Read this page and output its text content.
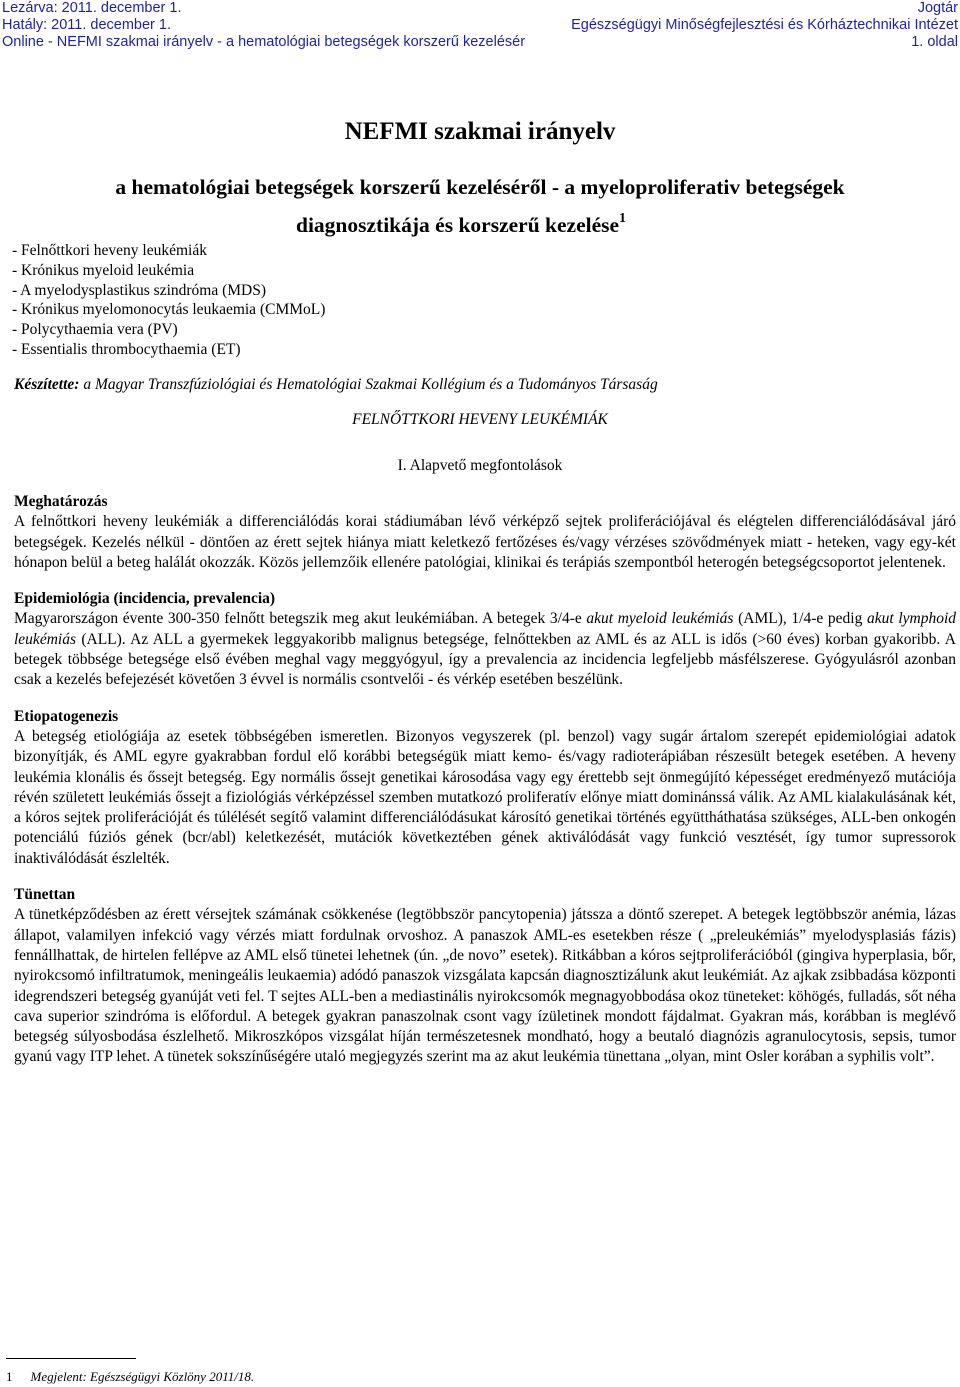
Lezárva: 2011. december 1.
Hatály: 2011. december 1.
Online - NEFMI szakmai irányelv - a hematológiai betegségek korszerű kezelésér
Jogtár
Egészségügyi Minőségfejlesztési és Kórháztechnikai Intézet
1. oldal
NEFMI szakmai irányelv
a hematológiai betegségek korszerű kezeléséről - a myeloproliferativ betegségek
diagnosztikája és korszerű kezelése$^1$
- Felnőttkori heveny leukémiák
- Krónikus myeloid leukémia
- A myelodysplastikus szindróma (MDS)
- Krónikus myelomonocytás leukaemia (CMMoL)
- Polycythaemia vera (PV)
- Essentialis thrombocythaemia (ET)
Készítette: a Magyar Transzfúziológiai és Hematológiai Szakmai Kollégium és a Tudományos Társaság
FELNŐTTKORI HEVENY LEUKÉMIÁK
I. Alapvető megfontolások
Meghatározás

A felnőttkori heveny leukémiák a differenciálódás korai stádiumában lévő vérképző sejtek proliferációjával és elégtelen differenciálódásával járó betegségek. Kezelés nélkül - döntően az érett sejtek hiánya miatt keletkező fertőzéses és/vagy vérzéses szövődmények miatt - heteken, vagy egy-két hónapon belül a beteg halálát okozzák. Közös jellemzőik ellenére patológiai, klinikai és terápiás szempontból heterogén betegségcsoportot jelentenek.

Epidemiológia (incidencia, prevalencia)

Magyarországon évente 300-350 felnőtt betegszik meg akut leukémiában. A betegek 3/4-e akut myeloid leukémiás (AML), 1/4-e pedig akut lymphoid leukémiás (ALL). Az ALL a gyermekek leggyakoribb malignus betegsége, felnőttekben az AML és az ALL is idős (>60 éves) korban gyakoribb. A betegek többsége betegsége első évében meghal vagy meggyógyul, így a prevalencia az incidencia legfeljebb másfélszerese. Gyógyulásról azonban csak a kezelés befejezését követően 3 évvel is normális csontvelői - és vérkép esetében beszélünk.

Etiopatogenezis

A betegség etiológiája az esetek többségében ismeretlen. Bizonyos vegyszerek (pl. benzol) vagy sugár ártalom szerepét epidemiológiai adatok bizonyítják, és AML egyre gyakrabban fordul elő korábbi betegségük miatt kemo- és/vagy radioterápiában részesült betegek esetében. A heveny leukémia klonális és őssejt betegség. Egy normális őssejt genetikai károsodása vagy egy érettebb sejt önmegújító képességet eredményező mutációja révén született leukémiás őssejt a fiziológiás vérképzéssel szemben mutatkozó proliferatív előnye miatt dominánssá válik. Az AML kialakulásának két, a kóros sejtek proliferációját és túlélését segítő valamint differenciálódásukat károsító genetikai történés együttháthatása szükséges, ALL-ben onkogén potenciálú fúziós gének (bcr/abl) keletkezését, mutációk következtében gének aktiválódását vagy funkció vesztését, így tumor supressorok inaktiválódását észlelték.

Tünettan

A tünetképződésben az érett vérsejtek számának csökkenése (legtöbbször pancytopenia) játssza a döntő szerepet. A betegek legtöbbször anémia, lázas állapot, valamilyen infekció vagy vérzés miatt fordulnak orvoshoz. A panaszok AML-es esetekben része ( „preleukémiás” myelodysplasiás fázis) fennállhattak, de hirtelen fellépve az AML első tünetei lehetnek (ún. „de novo” esetek). Ritkábban a kóros sejtproliferációból (gingiva hyperplasia, bőr, nyirokcsomó infiltratumok, meningeális leukaemia) adódó panaszok vizsgálata kapcsán diagnosztizálunk akut leukémiát. Az ajkak zsibbadása központi idegrendszeri betegség gyanúját veti fel. T sejtes ALL-ben a mediastinális nyirokcsomók megnagyobbodása okoz tüneteket: köhögés, fulladás, sőt néha cava superior szindróma is előfordul. A betegek gyakran panaszolnak csont vagy ízületinek mondott fájdalmat. Gyakran más, korábban is meglévő betegség súlyosbodása észlelhető. Mikroszkópos vizsgálat híján természetesnek mondható, hogy a beutaló diagnózis agranulocytosis, sepsis, tumor gyanú vagy ITP lehet. A tünetek sokszínűségére utaló megjegyzés szerint ma az akut leukémia tünettana „olyan, mint Osler korában a syphilis volt”.

1 Megjelent: Egészségügyi Közlöny 2011/18.
